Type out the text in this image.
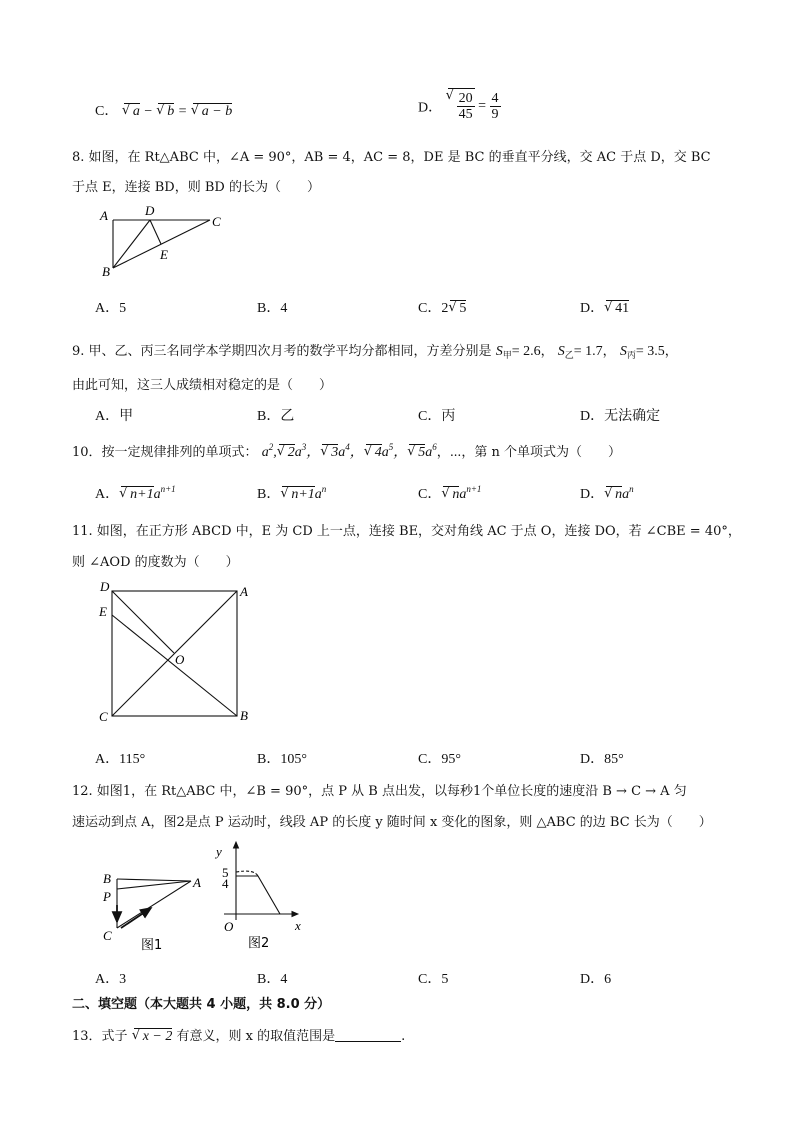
C． √ a − √ b = √ a − b	D．
√ $\frac{20}{45} = \frac{4}{9}$
8. 如图，在 Rt△ABC 中，∠A = 90°，AB = 4，AC = 8，DE 是 BC 的垂直平分线，交 AC 于点 D，交 BC
于点 E，连接 BD，则 BD 的长为（　　）
A
B
C
D
E
A．5	B．4	C．2√ 5	D．√ 41
9. 甲、乙、丙三名同学本学期四次月考的数学平均分都相同，方差分别是 $S_甲= 2.6$， $S_乙= 1.7$， $S_丙= 3.5$，
由此可知，这三人成绩相对稳定的是（　　）
A．甲	B．乙	C．丙	D．无法确定
10．按一定规律排列的单项式： $a^2,√$ $2a^3$，√ $3a^4$，√ $4a^5$，√ $5a^6$，⋯，第 n 个单项式为（　　）
A．√ $n+1a^{n+1}$	B．√ $n+1a^n$	C．√ $na^{n+1}$	D．√ $na^n$
11. 如图，在正方形 ABCD 中，E 为 CD 上一点，连接 BE，交对角线 AC 于点 O，连接 DO，若 ∠CBE = 40°，
则 ∠AOD 的度数为（　　）
D	A
E
O
C	B
A．115°	B．105°	C．95°	D．85°
12. 如图1，在 Rt△ABC 中，∠B = 90°，点 P 从 B 点出发，以每秒1个单位长度的速度沿 B → C → A 匀
速运动到点 A，图2是点 P 运动时，线段 AP 的长度 y 随时间 x 变化的图象，则 △ABC 的边 BC 长为（　　）
B
P
A
C
图1
y
5
4
O	x
图2
A．3	B．4	C．5	D．6
二、填空题（本大题共 4 小题，共 8.0 分）
13．式子 √ x − 2 有意义，则 x 的取值范围是	.
